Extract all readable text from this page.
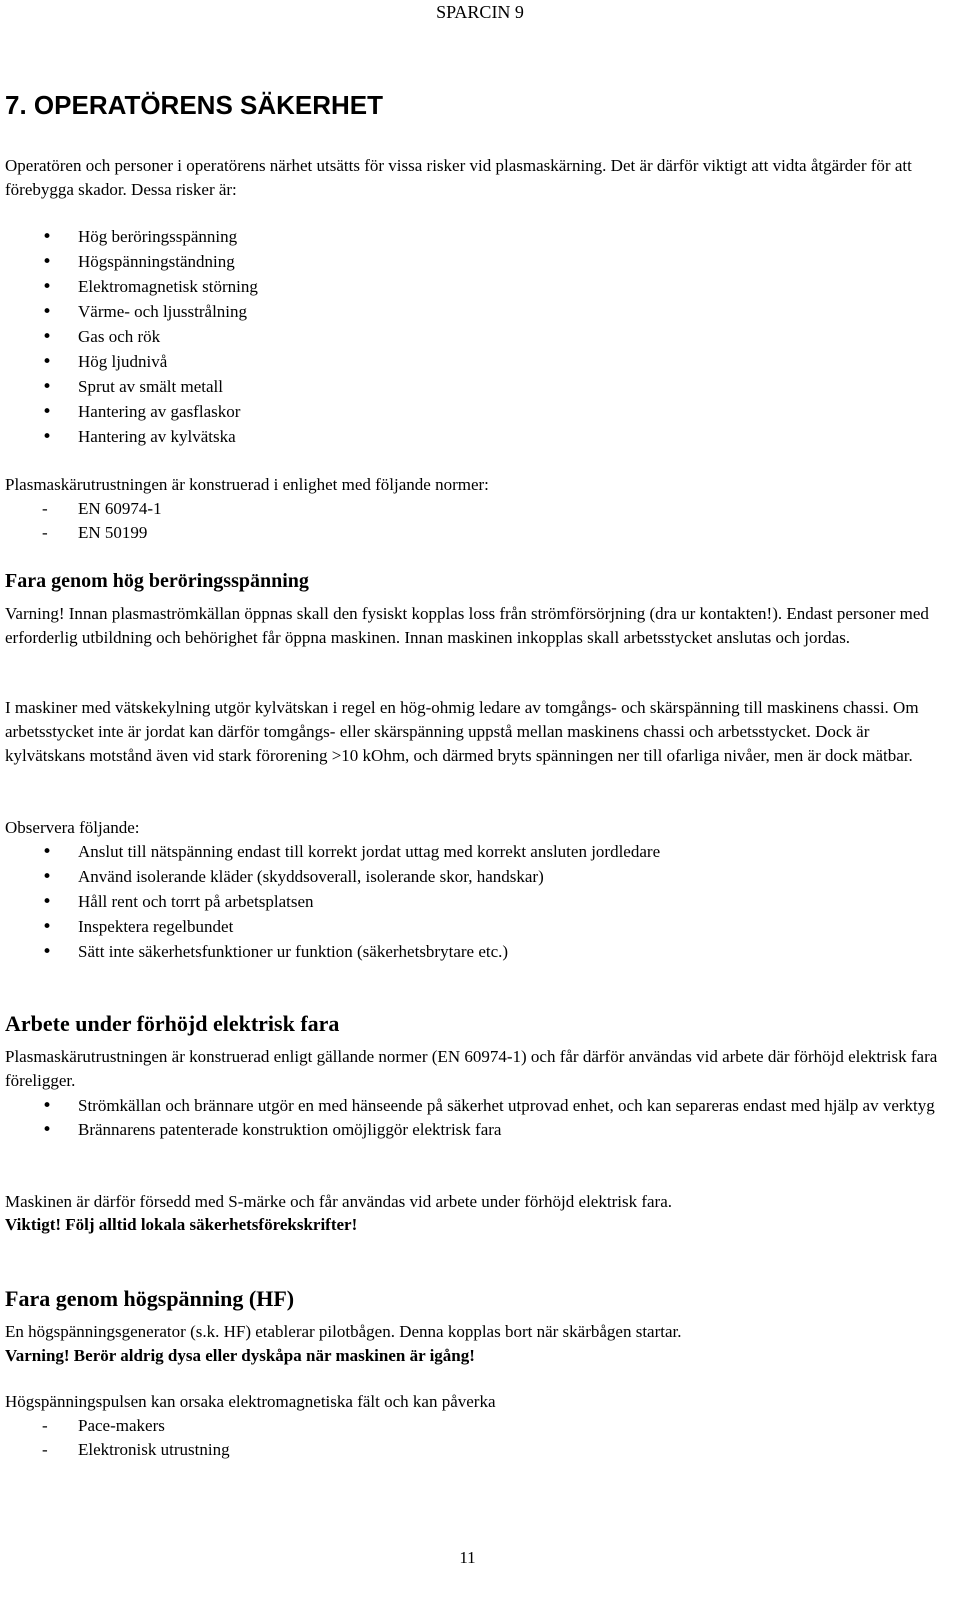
SPARCIN 9
7. OPERATÖRENS SÄKERHET

Operatören och personer i operatörens närhet utsätts för vissa risker vid plasmaskärning. Det är därför viktigt att vidta åtgärder för att förebygga skador. Dessa risker är:

• Hög beröringsspänning
• Högspänningständning
• Elektromagnetisk störning
• Värme- och ljusstrålning
• Gas och rök
• Hög ljudnivå
• Sprut av smält metall
• Hantering av gasflaskor
• Hantering av kylvätska

Plasmaskärutrustningen är konstruerad i enlighet med följande normer:

- EN 60974-1
- EN 50199
Fara genom hög beröringsspänning

Varning! Innan plasmaströmkällan öppnas skall den fysiskt kopplas loss från strömförsörjning (dra ur kontakten!). Endast personer med erforderlig utbildning och behörighet får öppna maskinen. Innan maskinen inkopplas skall arbetsstycket anslutas och jordas.

I maskiner med vätskekylning utgör kylvätskan i regel en hög-ohmig ledare av tomgångs- och skärspänning till maskinens chassi. Om arbetsstycket inte är jordat kan därför tomgångs- eller skärspänning uppstå mellan maskinens chassi och arbetsstycket. Dock är kylvätskans motstånd även vid stark förorening >10 kOhm, och därmed bryts spänningen ner till ofarliga nivåer, men är dock mätbar.

Observera följande:

• Anslut till nätspänning endast till korrekt jordat uttag med korrekt ansluten jordledare
• Använd isolerande kläder (skyddsoverall, isolerande skor, handskar)
• Håll rent och torrt på arbetsplatsen
• Inspektera regelbundet
• Sätt inte säkerhetsfunktioner ur funktion (säkerhetsbrytare etc.)
Arbete under förhöjd elektrisk fara

Plasmaskärutrustningen är konstruerad enligt gällande normer (EN 60974-1) och får därför användas vid arbete där förhöjd elektrisk fara föreligger.

• Strömkällan och brännare utgör en med hänseende på säkerhet utprovad enhet, och kan separeras endast med hjälp av verktyg
• Brännarens patenterade konstruktion omöjliggör elektrisk fara

Maskinen är därför försedd med S-märke och får användas vid arbete under förhöjd elektrisk fara.

Viktigt! Följ alltid lokala säkerhetsförekskrifter!

Fara genom högspänning (HF)

En högspänningsgenerator (s.k. HF) etablerar pilotbågen. Denna kopplas bort när skärbågen startar.

Varning! Berör aldrig dysa eller dyskåpa när maskinen är igång!

Högspänningspulsen kan orsaka elektromagnetiska fält och kan påverka

- Pace-makers
- Elektronisk utrustning
11
